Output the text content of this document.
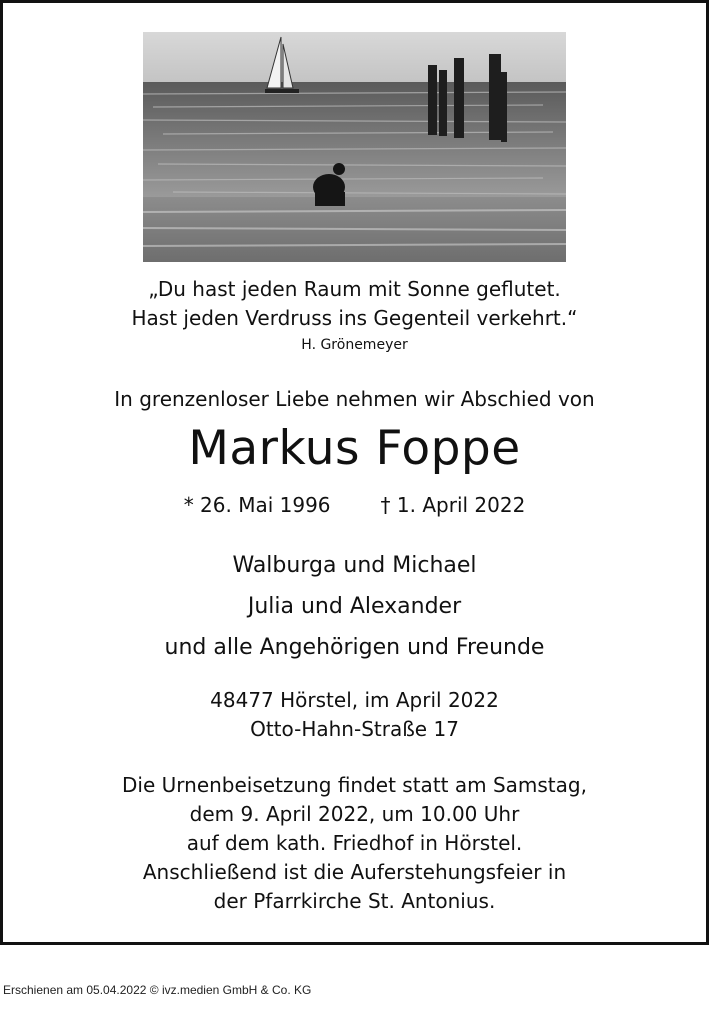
„Du hast jeden Raum mit Sonne geflutet.
Hast jeden Verdruss ins Gegenteil verkehrt.“
H. Grönemeyer
In grenzenloser Liebe nehmen wir Abschied von
Markus Foppe
* 26. Mai 1996	† 1. April 2022
Walburga und Michael
Julia und Alexander
und alle Angehörigen und Freunde
48477 Hörstel, im April 2022
Otto-Hahn-Straße 17
Die Urnenbeisetzung findet statt am Samstag,
dem 9. April 2022, um 10.00 Uhr
auf dem kath. Friedhof in Hörstel.
Anschließend ist die Auferstehungsfeier in
der Pfarrkirche St. Antonius.
Erschienen am 05.04.2022 © ivz.medien GmbH & Co. KG
